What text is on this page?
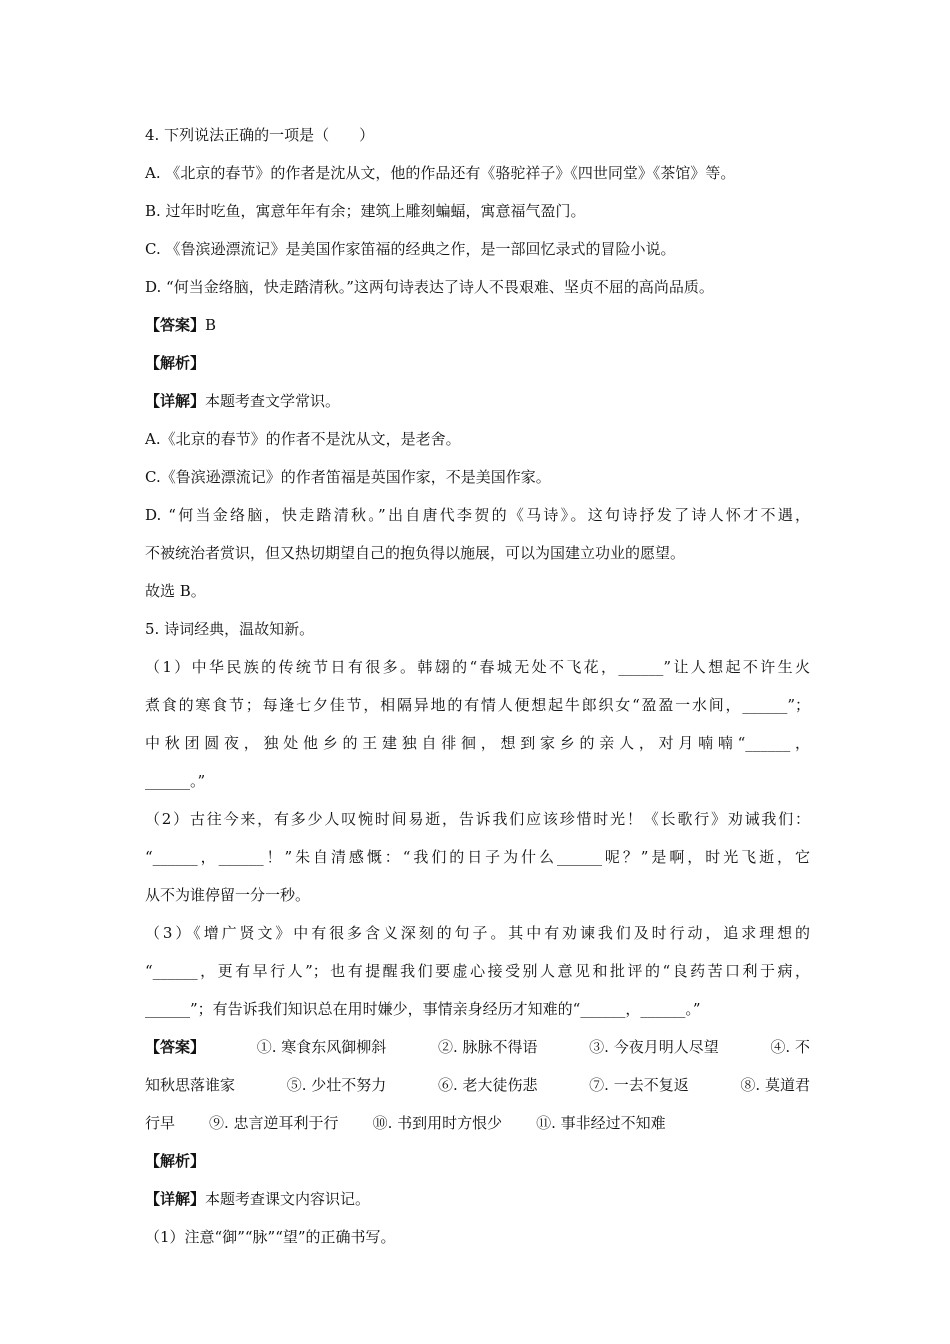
4. 下列说法正确的一项是（　　）
A. 《北京的春节》的作者是沈从文，他的作品还有《骆驼祥子》《四世同堂》《茶馆》等。
B. 过年时吃鱼，寓意年年有余；建筑上雕刻蝙蝠，寓意福气盈门。
C. 《鲁滨逊漂流记》是美国作家笛福的经典之作，是一部回忆录式的冒险小说。
D. “何当金络脑，快走踏清秋。”这两句诗表达了诗人不畏艰难、坚贞不屈的高尚品质。
【答案】B
【解析】
【详解】本题考查文学常识。
A.《北京的春节》的作者不是沈从文，是老舍。
C.《鲁滨逊漂流记》的作者笛福是英国作家，不是美国作家。
D. “何当金络脑，快走踏清秋。”出自唐代李贺的《马诗》。这句诗抒发了诗人怀才不遇，
不被统治者赏识，但又热切期望自己的抱负得以施展，可以为国建立功业的愿望。
故选 B。
5. 诗词经典，温故知新。
（1）中华民族的传统节日有很多。韩翃的“春城无处不飞花，______”让人想起不许生火
煮食的寒食节；每逢七夕佳节，相隔异地的有情人便想起牛郎织女“盈盈一水间，______”；
中秋团圆夜，独处他乡的王建独自徘徊，想到家乡的亲人，对月喃喃“______，
______。”
（2）古往今来，有多少人叹惋时间易逝，告诉我们应该珍惜时光！《长歌行》劝诫我们：
“______，______！”朱自清感慨：“我们的日子为什么______呢？”是啊，时光飞逝，它
从不为谁停留一分一秒。
（3）《增广贤文》中有很多含义深刻的句子。其中有劝谏我们及时行动，追求理想的
“______，更有早行人”；也有提醒我们要虚心接受别人意见和批评的“良药苦口利于病，
______”；有告诉我们知识总在用时嫌少，事情亲身经历才知难的“______，______。”
【答案】	①. 寒食东风御柳斜	②. 脉脉不得语	③. 今夜月明人尽望	④. 不
知秋思落谁家	⑤. 少壮不努力	⑥. 老大徒伤悲	⑦. 一去不复返	⑧. 莫道君
行早 ⑨. 忠言逆耳利于行 ⑩. 书到用时方恨少 ⑪. 事非经过不知难
【解析】
【详解】本题考查课文内容识记。
（1）注意“御”“脉”“望”的正确书写。
